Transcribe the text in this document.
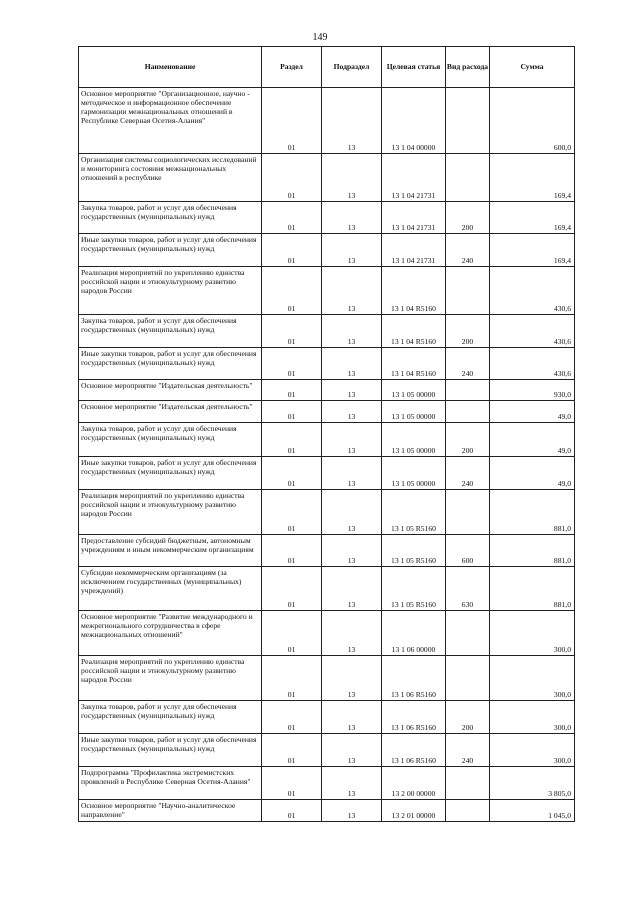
149
Наименование	Раздел	Подраздел	Целевая статья	Вид расхода	Сумма
Основное мероприятие "Организационное, научно - методическое и информационное обеспечение гармонизации межнациональных отношений в Республике Северная Осетия-Алания"	01	13	13 1 04 00000		600,0
Организация системы социологических исследований и мониторинга состояния межнациональных отношений в республике	01	13	13 1 04 21731		169,4
Закупка товаров, работ и услуг для обеспечения государственных (муниципальных) нужд	01	13	13 1 04 21731	200	169,4
Иные закупки товаров, работ и услуг для обеспечения государственных (муниципальных) нужд	01	13	13 1 04 21731	240	169,4
Реализация мероприятий по укреплению единства российской нации и этнокультурному развитию народов России	01	13	13 1 04 R5160		430,6
Закупка товаров, работ и услуг для обеспечения государственных (муниципальных) нужд	01	13	13 1 04 R5160	200	430,6
Иные закупки товаров, работ и услуг для обеспечения государственных (муниципальных) нужд	01	13	13 1 04 R5160	240	430,6
Основное мероприятие "Издательская деятельность"	01	13	13 1 05 00000		930,0
Основное мероприятие "Издательская деятельность"	01	13	13 1 05 00000		49,0
Закупка товаров, работ и услуг для обеспечения государственных (муниципальных) нужд	01	13	13 1 05 00000	200	49,0
Иные закупки товаров, работ и услуг для обеспечения государственных (муниципальных) нужд	01	13	13 1 05 00000	240	49,0
Реализация мероприятий по укреплению единства российской нации и этнокультурному развитию народов России	01	13	13 1 05 R5160		881,0
Предоставление субсидий бюджетным, автономным учреждениям и иным некоммерческим организациям	01	13	13 1 05 R5160	600	881,0
Субсидии некоммерческим организациям (за исключением государственных (муниципальных) учреждений)	01	13	13 1 05 R5160	630	881,0
Основное мероприятие "Развитие международного и межрегионального сотрудничества в сфере межнациональных отношений"	01	13	13 1 06 00000		300,0
Реализация мероприятий по укреплению единства российской нации и этнокультурному развитию народов России	01	13	13 1 06 R5160		300,0
Закупка товаров, работ и услуг для обеспечения государственных (муниципальных) нужд	01	13	13 1 06 R5160	200	300,0
Иные закупки товаров, работ и услуг для обеспечения государственных (муниципальных) нужд	01	13	13 1 06 R5160	240	300,0
Подпрограмма "Профилактика экстремистских проявлений в Республике Северная Осетия-Алания"	01	13	13 2 00 00000		3 805,0
Основное мероприятие "Научно-аналитическое направление"	01	13	13 2 01 00000		1 045,0
